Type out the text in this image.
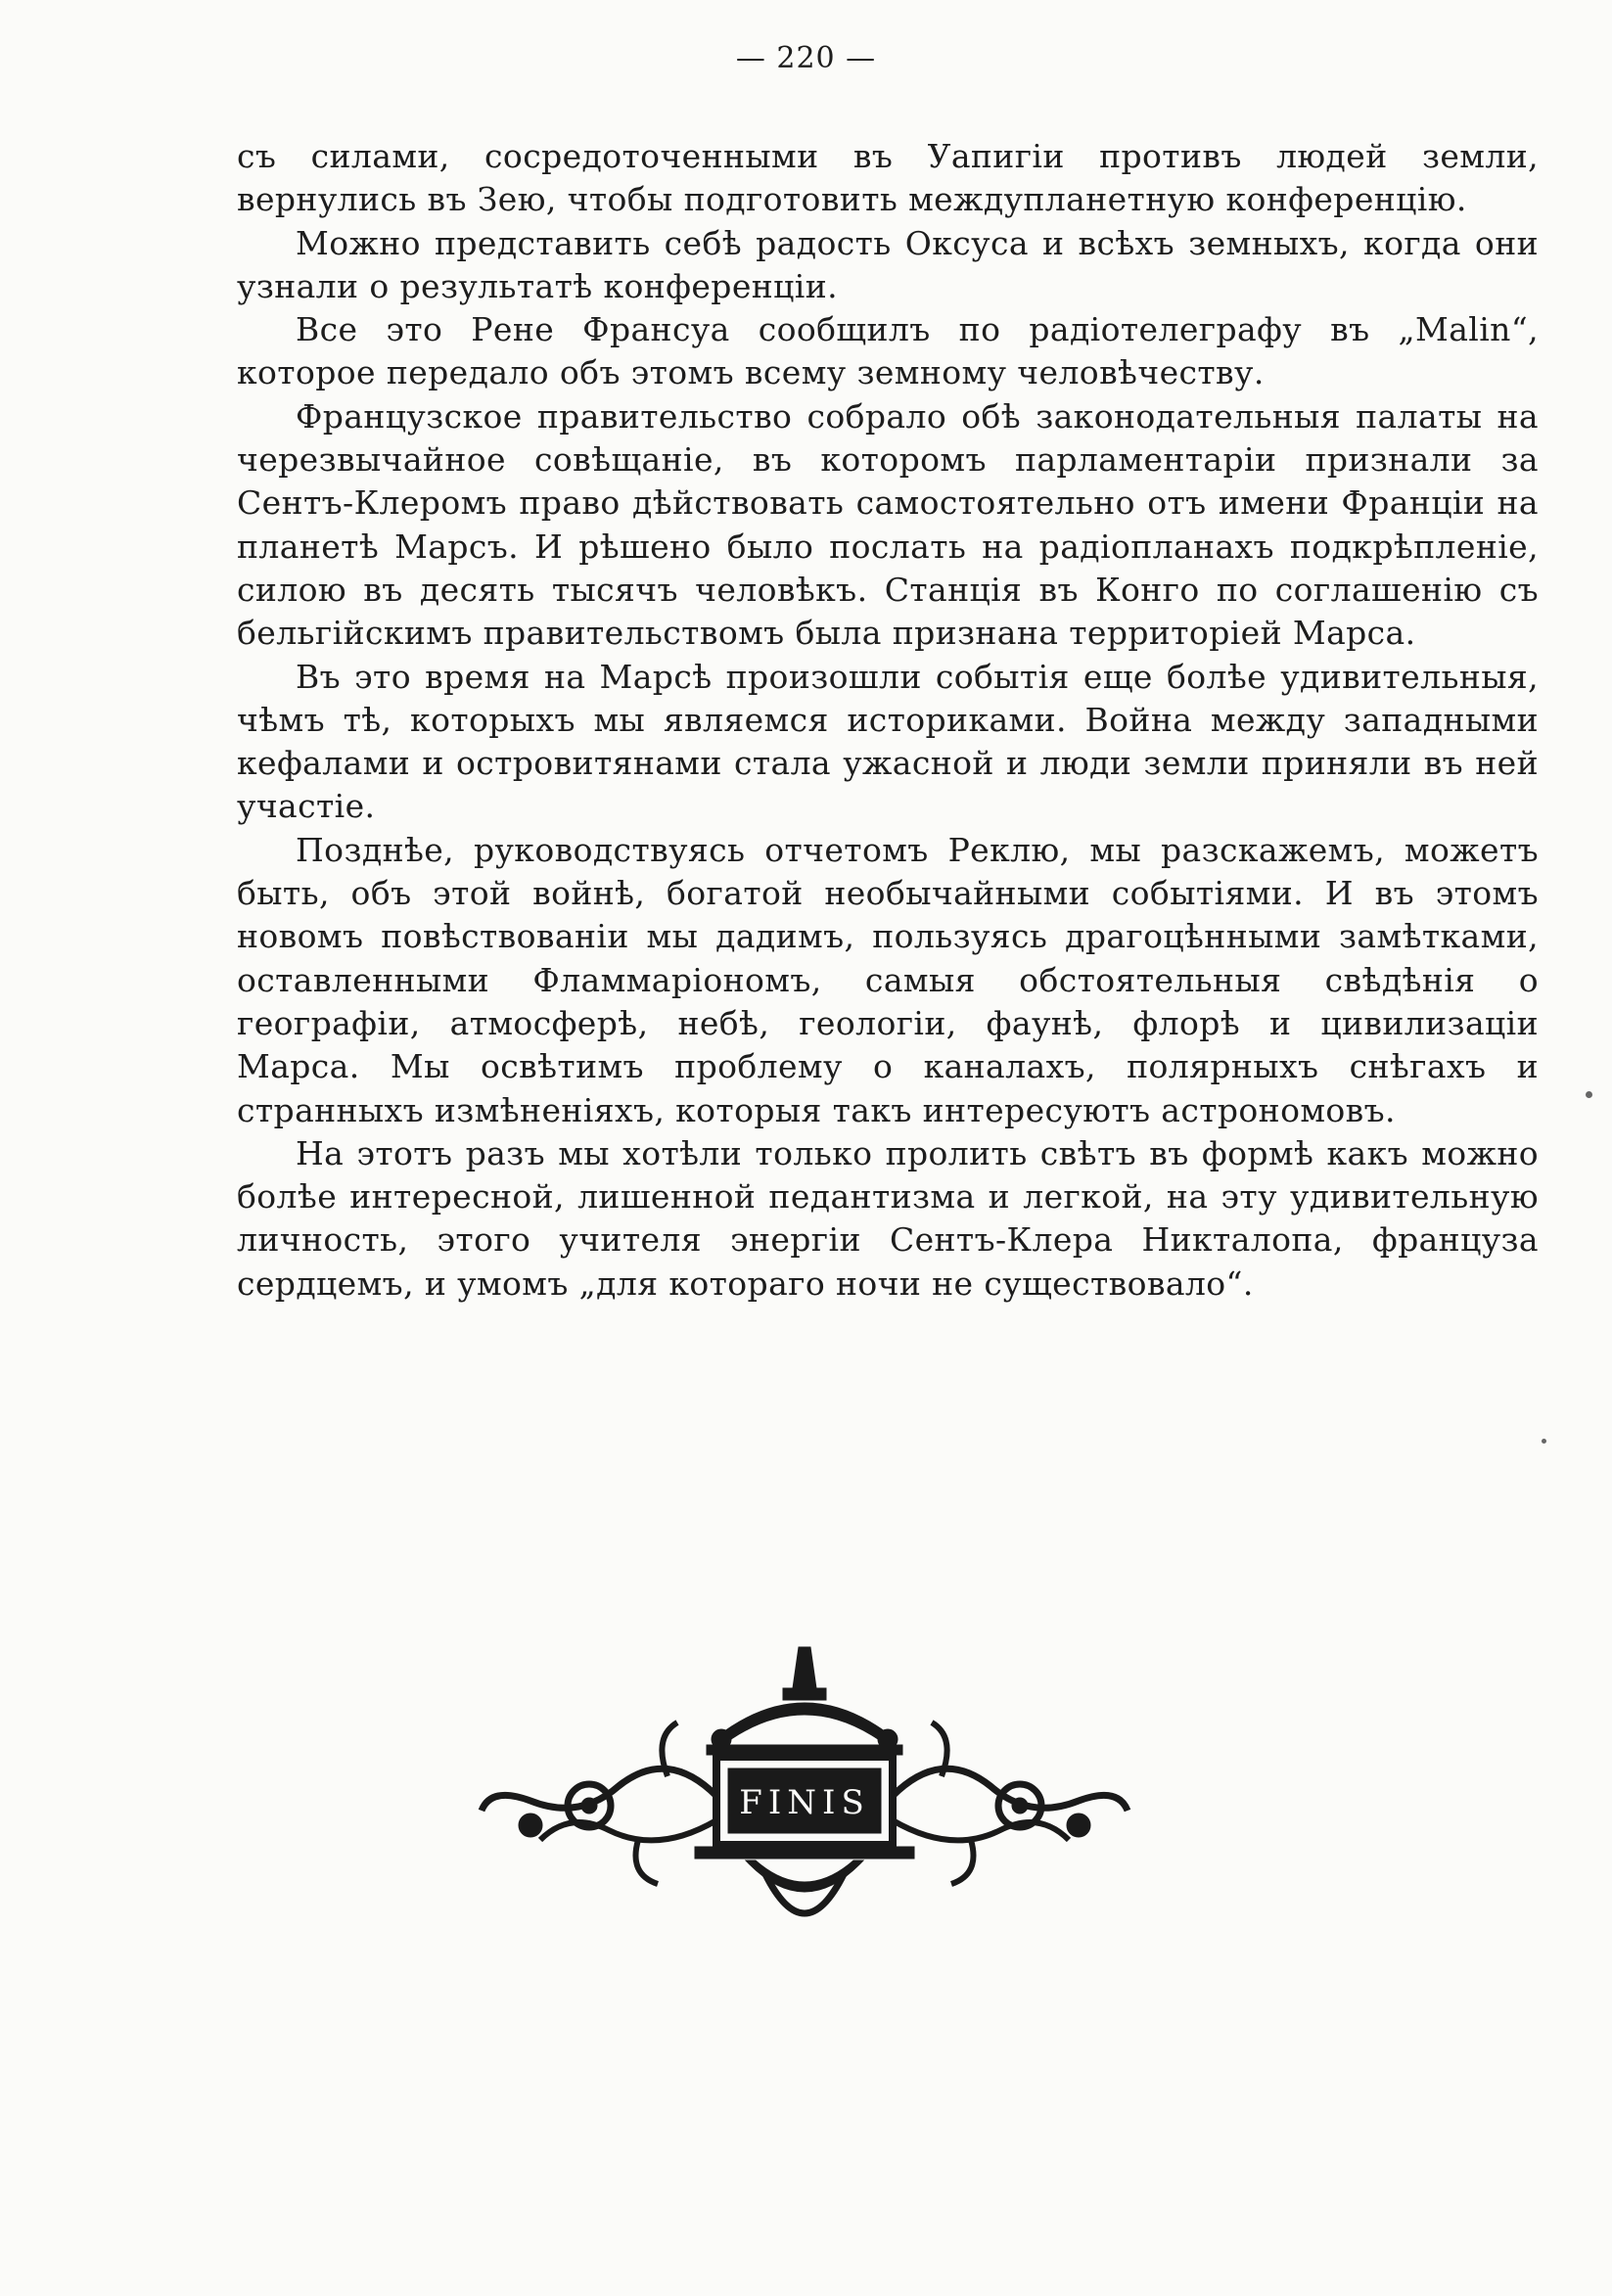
— 220 —

съ силами, сосредоточенными въ Уапигіи противъ людей земли, вернулись въ Зею, чтобы подготовить междупланетную конференцію.

Можно представить себѣ радость Оксуса и всѣхъ земныхъ, когда они узнали о результатѣ конференціи.

Все это Рене Франсуа сообщилъ по радіотелеграфу въ „Malin“, которое передало объ этомъ всему земному человѣчеству.

Французское правительство собрало обѣ законодательныя палаты на черезвычайное совѣщаніе, въ которомъ парламентаріи признали за Сентъ-Клеромъ право дѣйствовать самостоятельно отъ имени Франціи на планетѣ Марсъ. И рѣшено было послать на радіопланахъ подкрѣпленіе, силою въ десять тысячъ человѣкъ. Станція въ Конго по соглашенію съ бельгійскимъ правительствомъ была признана территоріей Марса.

Въ это время на Марсѣ произошли событія еще болѣе удивительныя, чѣмъ тѣ, которыхъ мы являемся историками. Война между западными кефалами и островитянами стала ужасной и люди земли приняли въ ней участіе.

Позднѣе, руководствуясь отчетомъ Реклю, мы разскажемъ, можетъ быть, объ этой войнѣ, богатой необычайными событіями. И въ этомъ новомъ повѣствованіи мы дадимъ, пользуясь драгоцѣнными замѣтками, оставленными Фламмаріономъ, самыя обстоятельныя свѣдѣнія о географіи, атмосферѣ, небѣ, геологіи, фаунѣ, флорѣ и цивилизаціи Марса. Мы освѣтимъ проблему о каналахъ, полярныхъ снѣгахъ и странныхъ измѣненіяхъ, которыя такъ интересуютъ астрономовъ.

На этотъ разъ мы хотѣли только пролить свѣтъ въ формѣ какъ можно болѣе интересной, лишенной педантизма и легкой, на эту удивительную личность, этого учителя энергіи Сентъ-Клера Никталопа, француза сердцемъ, и умомъ „для котораго ночи не существовало“.

FINIS
